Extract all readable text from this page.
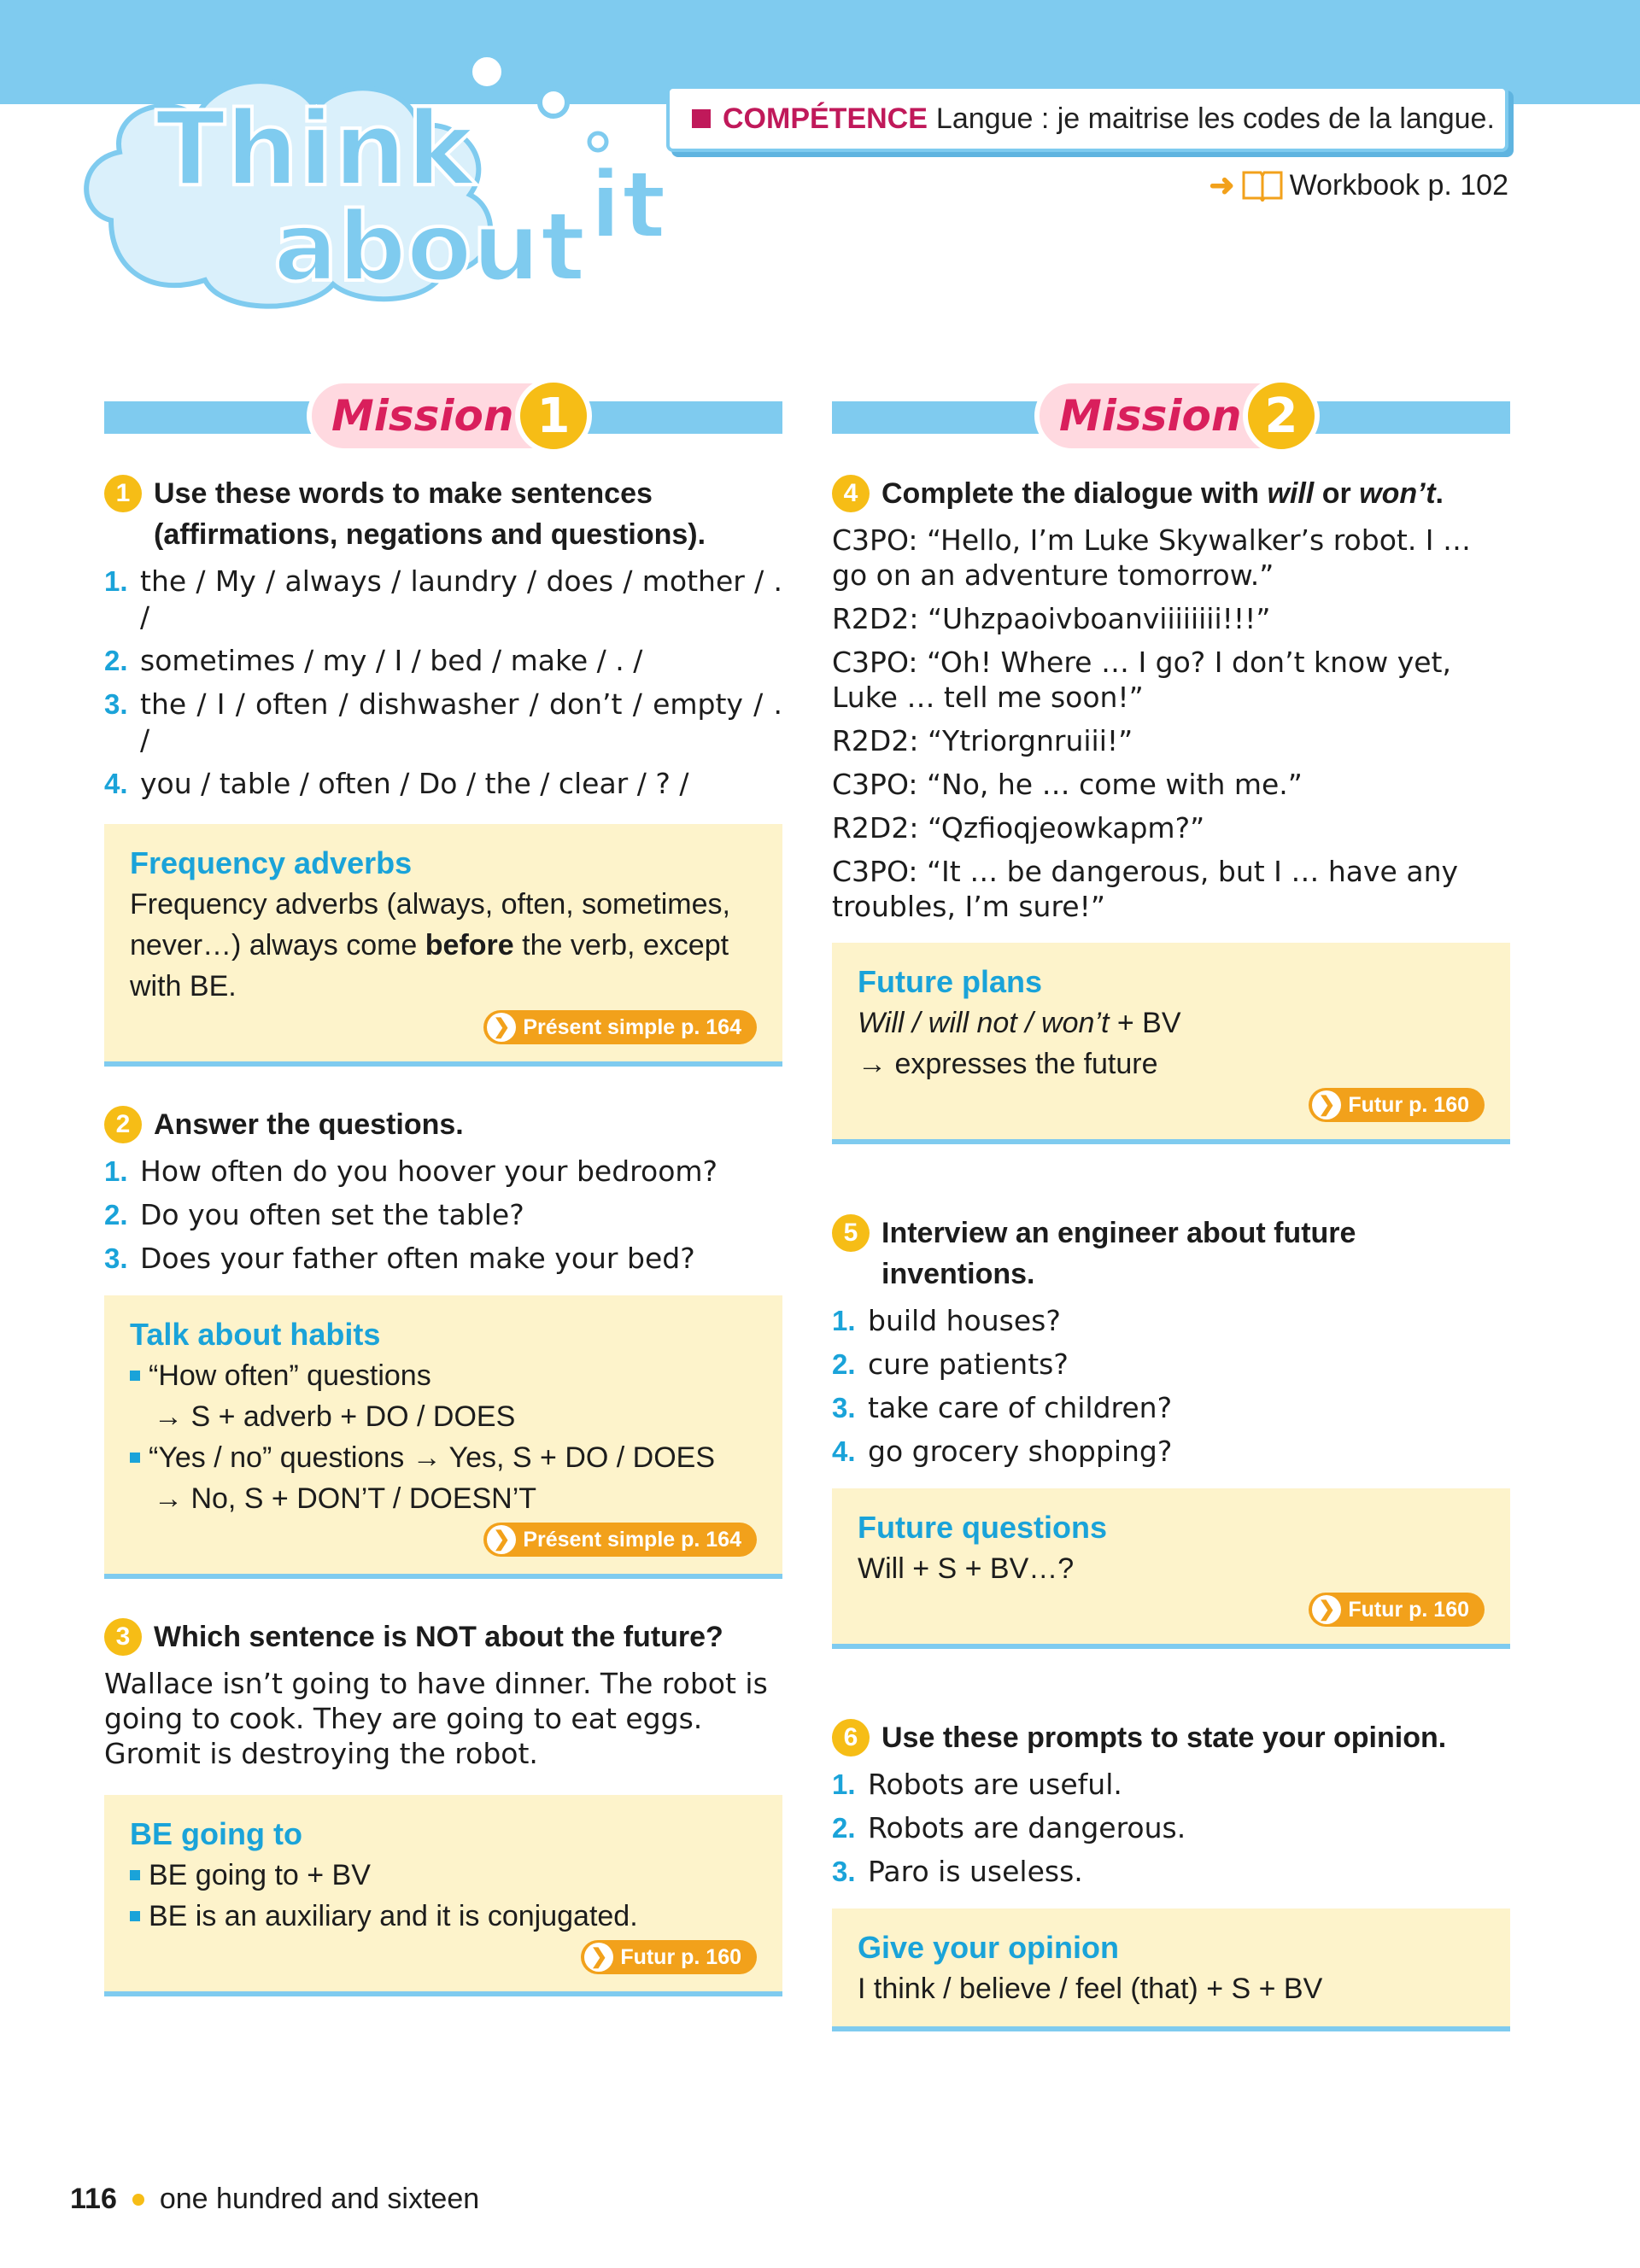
Think
about it
COMPÉTENCE Langue : je maitrise les codes de la langue.
➜ Workbook p. 102
Mission 1
1 Use these words to make sentences (affirmations, negations and questions).
1. the / My / always / laundry / does / mother / . /
2. sometimes / my / I / bed / make / . /
3. the / I / often / dishwasher / don’t / empty / . /
4. you / table / often / Do / the / clear / ? /
Frequency adverbs
Frequency adverbs (always, often, sometimes, never…) always come before the verb, except with BE.
❯ Présent simple p. 164
2 Answer the questions.
1. How often do you hoover your bedroom?
2. Do you often set the table?
3. Does your father often make your bed?
Talk about habits
“How often” questions
→ S + adverb + DO / DOES
“Yes / no” questions → Yes, S + DO / DOES
→ No, S + DON’T / DOESN’T
❯ Présent simple p. 164
3 Which sentence is NOT about the future?

Wallace isn’t going to have dinner. The robot is going to cook. They are going to eat eggs. Gromit is destroying the robot.

BE going to
BE going to + BV
BE is an auxiliary and it is conjugated.
❯ Futur p. 160
Mission 2
4 Complete the dialogue with will or won’t.

C3PO: “Hello, I’m Luke Skywalker’s robot. I … go on an adventure tomorrow.”

R2D2: “Uhzpaoivboanviiiiiiii!!!”

C3PO: “Oh! Where … I go? I don’t know yet, Luke … tell me soon!”

R2D2: “Ytriorgnruiii!”

C3PO: “No, he … come with me.”

R2D2: “Qzfioqjeowkapm?”

C3PO: “It … be dangerous, but I … have any troubles, I’m sure!”

Future plans
Will / will not / won’t + BV
→ expresses the future
❯ Futur p. 160
5 Interview an engineer about future inventions.
1. build houses?
2. cure patients?
3. take care of children?
4. go grocery shopping?
Future questions
Will + S + BV…?
❯ Futur p. 160
6 Use these prompts to state your opinion.
1. Robots are useful.
2. Robots are dangerous.
3. Paro is useless.
Give your opinion
I think / believe / feel (that) + S + BV
116 one hundred and sixteen
